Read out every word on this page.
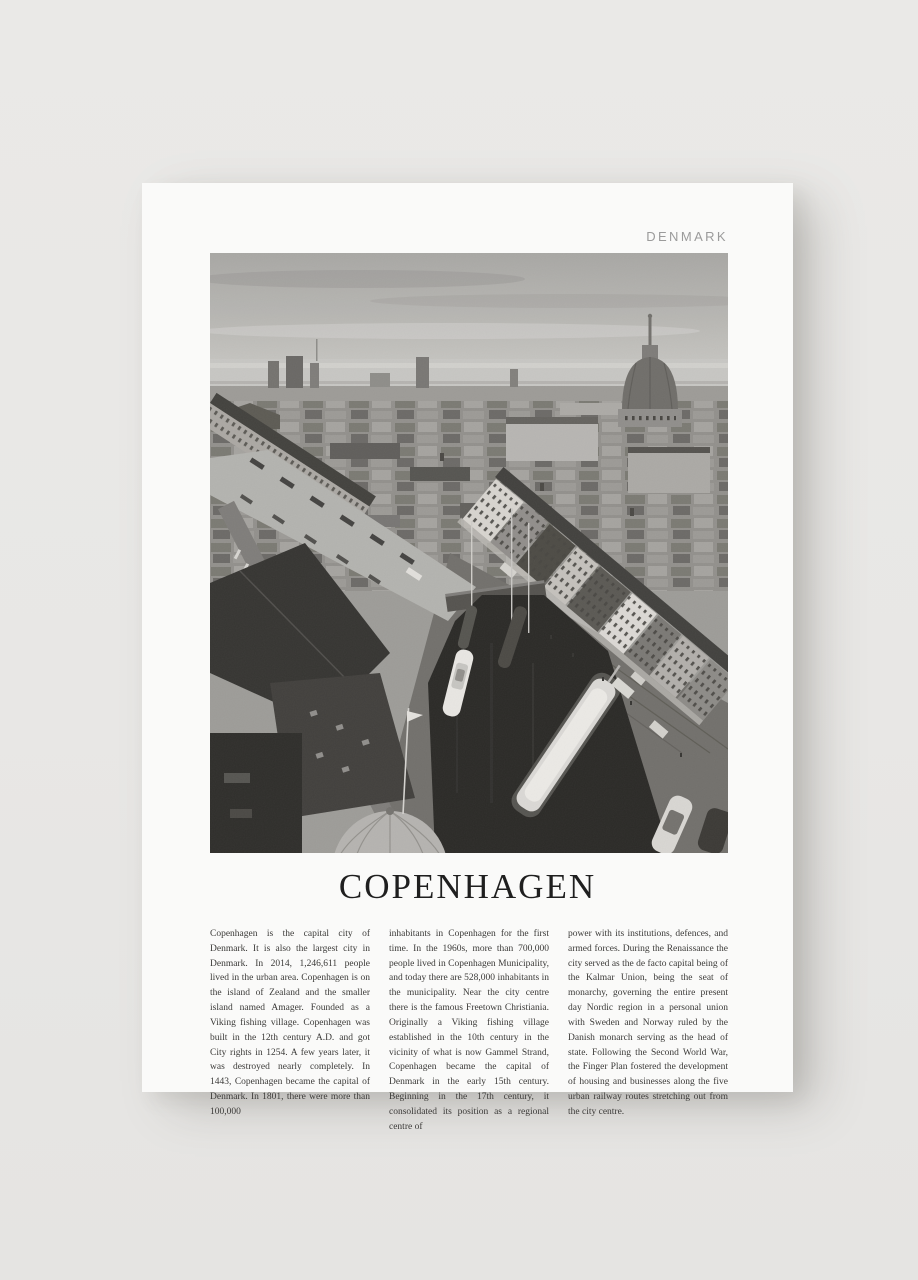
DENMARK
COPENHAGEN

Copenhagen is the capital city of Denmark. It is also the largest city in Denmark. In 2014, 1,246,611 people lived in the urban area. Copenhagen is on the island of Zealand and the smaller island named Amager. Founded as a Viking fishing village. Copenhagen was built in the 12th century A.D. and got City rights in 1254. A few years later, it was destroyed nearly completely. In 1443, Copenhagen became the capital of Denmark. In 1801, there were more than 100,000

inhabitants in Copenhagen for the first time. In the 1960s, more than 700,000 people lived in Copenhagen Municipality, and today there are 528,000 inhabitants in the municipality. Near the city centre there is the famous Freetown Christiania. Originally a Viking fishing village established in the 10th century in the vicinity of what is now Gammel Strand, Copenhagen became the capital of Denmark in the early 15th century. Beginning in the 17th century, it consolidated its position as a regional centre of

power with its institutions, defences, and armed forces. During the Renaissance the city served as the de facto capital being of the Kalmar Union, being the seat of monarchy, governing the entire present day Nordic region in a personal union with Sweden and Norway ruled by the Danish monarch serving as the head of state. Following the Second World War, the Finger Plan fostered the development of housing and businesses along the five urban railway routes stretching out from the city centre.
